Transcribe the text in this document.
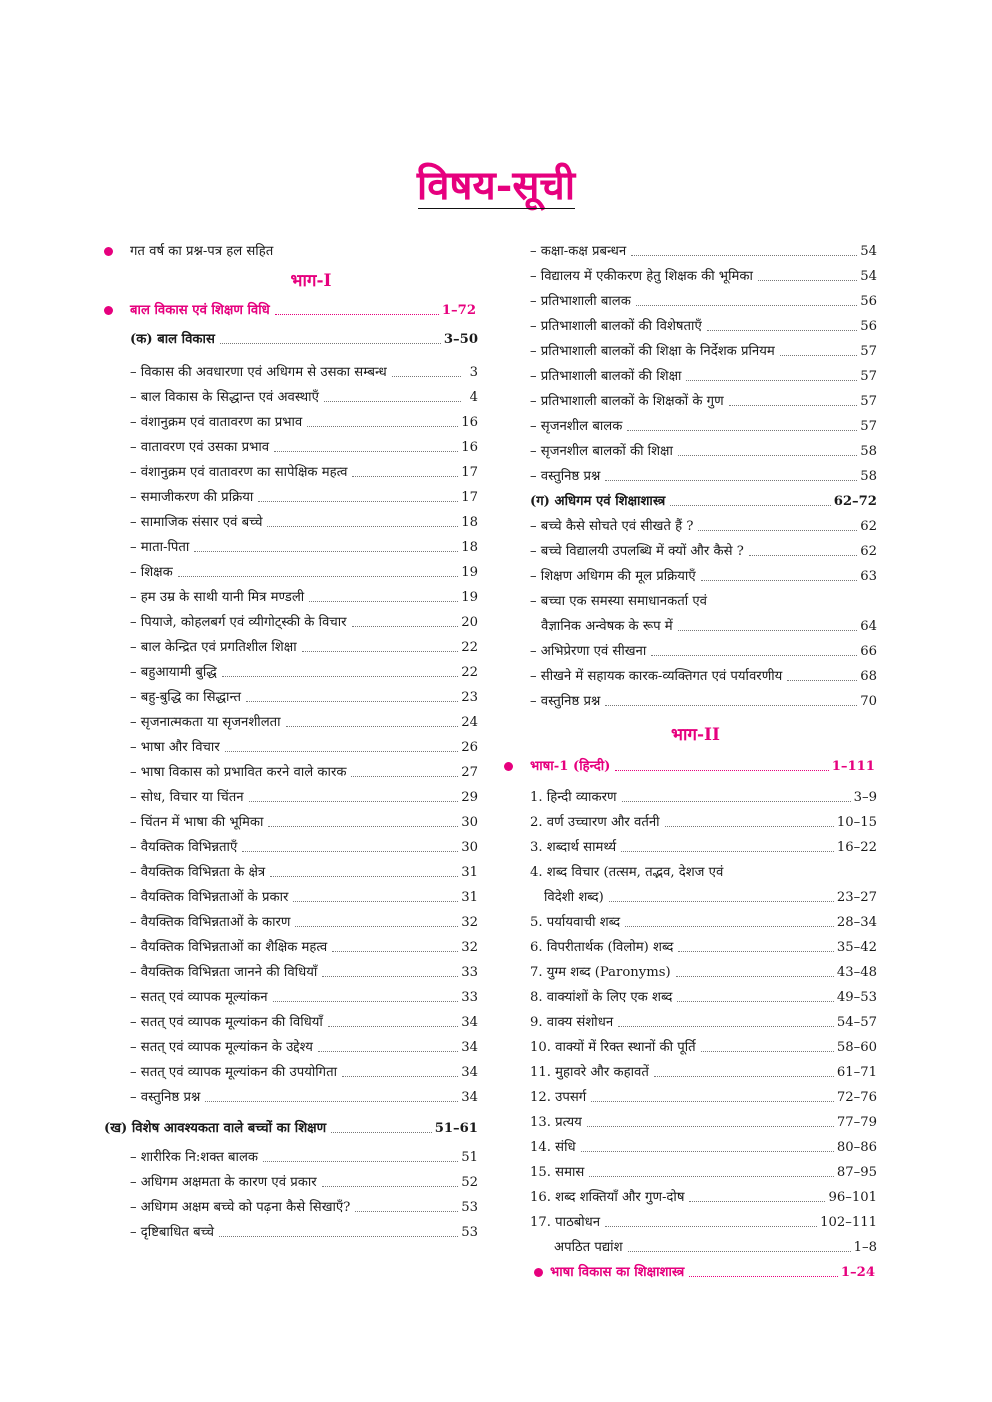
विषय-सूची
गत वर्ष का प्रश्न-पत्र हल सहित
भाग-I
बाल विकास एवं शिक्षण विधि	1–72
(क) बाल विकास	3–50
– विकास की अवधारणा एवं अधिगम से उसका सम्बन्ध	3
– बाल विकास के सिद्धान्त एवं अवस्थाएँ	4
– वंशानुक्रम एवं वातावरण का प्रभाव	16
– वातावरण एवं उसका प्रभाव	16
– वंशानुक्रम एवं वातावरण का सापेक्षिक महत्व	17
– समाजीकरण की प्रक्रिया	17
– सामाजिक संसार एवं बच्चे	18
– माता-पिता	18
– शिक्षक	19
– हम उम्र के साथी यानी मित्र मण्डली	19
– पियाजे, कोहलबर्ग एवं व्यीगोट्स्की के विचार	20
– बाल केन्द्रित एवं प्रगतिशील शिक्षा	22
– बहुआयामी बुद्धि	22
– बहु-बुद्धि का सिद्धान्त	23
– सृजनात्मकता या सृजनशीलता	24
– भाषा और विचार	26
– भाषा विकास को प्रभावित करने वाले कारक	27
– सोध, विचार या चिंतन	29
– चिंतन में भाषा की भूमिका	30
– वैयक्तिक विभिन्नताएँ	30
– वैयक्तिक विभिन्नता के क्षेत्र	31
– वैयक्तिक विभिन्नताओं के प्रकार	31
– वैयक्तिक विभिन्नताओं के कारण	32
– वैयक्तिक विभिन्नताओं का शैक्षिक महत्व	32
– वैयक्तिक विभिन्नता जानने की विधियाँ	33
– सतत् एवं व्यापक मूल्यांकन	33
– सतत् एवं व्यापक मूल्यांकन की विधियाँ	34
– सतत् एवं व्यापक मूल्यांकन के उद्देश्य	34
– सतत् एवं व्यापक मूल्यांकन की उपयोगिता	34
– वस्तुनिष्ठ प्रश्न	34
(ख) विशेष आवश्यकता वाले बच्चों का शिक्षण	51–61
– शारीरिक नि:शक्त बालक	51
– अधिगम अक्षमता के कारण एवं प्रकार	52
– अधिगम अक्षम बच्चे को पढ़ना कैसे सिखाएँ?	53
– दृष्टिबाधित बच्चे	53
– कक्षा-कक्ष प्रबन्धन	54
– विद्यालय में एकीकरण हेतु शिक्षक की भूमिका	54
– प्रतिभाशाली बालक	56
– प्रतिभाशाली बालकों की विशेषताएँ	56
– प्रतिभाशाली बालकों की शिक्षा के निर्देशक प्रनियम	57
– प्रतिभाशाली बालकों की शिक्षा	57
– प्रतिभाशाली बालकों के शिक्षकों के गुण	57
– सृजनशील बालक	57
– सृजनशील बालकों की शिक्षा	58
– वस्तुनिष्ठ प्रश्न	58
(ग) अधिगम एवं शिक्षाशास्त्र	62–72
– बच्चे कैसे सोचते एवं सीखते हैं ?	62
– बच्चे विद्यालयी उपलब्धि में क्यों और कैसे ?	62
– शिक्षण अधिगम की मूल प्रक्रियाएँ	63
– बच्चा एक समस्या समाधानकर्ता एवं
वैज्ञानिक अन्वेषक के रूप में	64
– अभिप्रेरणा एवं सीखना	66
– सीखने में सहायक कारक-व्यक्तिगत एवं पर्यावरणीय	68
– वस्तुनिष्ठ प्रश्न	70
भाग-II
भाषा-1 (हिन्दी)	1–111
1. हिन्दी व्याकरण	3–9
2. वर्ण उच्चारण और वर्तनी	10–15
3. शब्दार्थ सामर्थ्य	16–22
4. शब्द विचार (तत्सम, तद्भव, देशज एवं
विदेशी शब्द)	23–27
5. पर्यायवाची शब्द	28–34
6. विपरीतार्थक (विलोम) शब्द	35–42
7. युग्म शब्द (Paronyms)	43–48
8. वाक्यांशों के लिए एक शब्द	49–53
9. वाक्य संशोधन	54–57
10. वाक्यों में रिक्त स्थानों की पूर्ति	58–60
11. मुहावरे और कहावतें	61–71
12. उपसर्ग	72–76
13. प्रत्यय	77–79
14. संधि	80–86
15. समास	87–95
16. शब्द शक्तियाँ और गुण-दोष	96–101
17. पाठबोधन	102–111
अपठित पद्यांश	1–8
भाषा विकास का शिक्षाशास्त्र	1–24
